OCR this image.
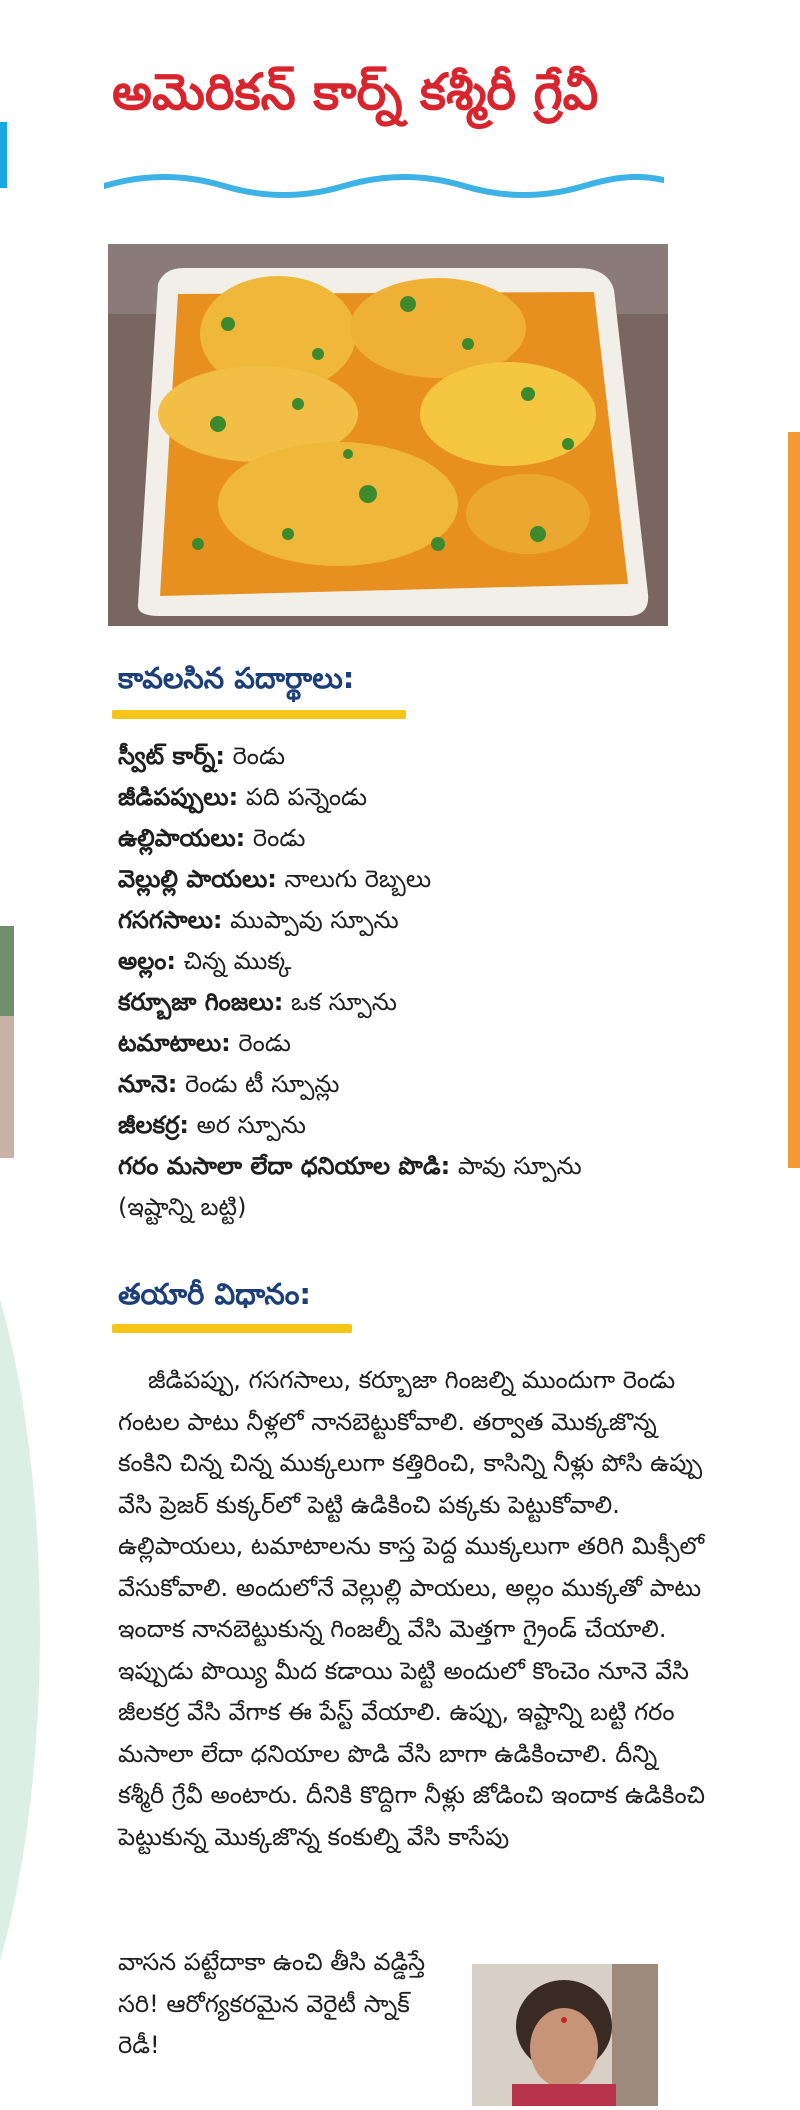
అమెరికన్ కార్న్ కశ్మీరీ గ్రేవీ
కావలసిన పదార్థాలు:
స్వీట్ కార్న్: రెండు
జీడిపప్పులు: పది పన్నెండు
ఉల్లిపాయలు: రెండు
వెల్లుల్లి పాయలు: నాలుగు రెబ్బలు
గసగసాలు: ముప్పావు స్పూను
అల్లం: చిన్న ముక్క
కర్బూజా గింజలు: ఒక స్పూను
టమాటాలు: రెండు
నూనె: రెండు టీ స్పూన్లు
జీలకర్ర: అర స్పూను
గరం మసాలా లేదా ధనియాల పొడి: పావు స్పూను
(ఇష్టాన్ని బట్టి)
తయారీ విధానం:

జీడిపప్పు, గసగసాలు, కర్బూజా గింజల్ని ముందుగా రెండు గంటల పాటు నీళ్లలో నానబెట్టుకోవాలి. తర్వాత మొక్కజొన్న కంకిని చిన్న చిన్న ముక్కలుగా కత్తిరించి, కాసిన్ని నీళ్లు పోసి ఉప్పు వేసి ప్రెజర్ కుక్కర్‌లో పెట్టి ఉడికించి పక్కకు పెట్టుకోవాలి. ఉల్లిపాయలు, టమాటాలను కాస్త పెద్ద ముక్కలుగా తరిగి మిక్సీలో వేసుకోవాలి. అందులోనే వెల్లుల్లి పాయలు, అల్లం ముక్కతో పాటు ఇందాక నానబెట్టుకున్న గింజల్నీ వేసి మెత్తగా గ్రైండ్ చేయాలి. ఇప్పుడు పొయ్యి మీద కడాయి పెట్టి అందులో కొంచెం నూనె వేసి జీలకర్ర వేసి వేగాక ఈ పేస్ట్ వేయాలి. ఉప్పు, ఇష్టాన్ని బట్టి గరం మసాలా లేదా ధనియాల పొడి వేసి బాగా ఉడికించాలి. దీన్ని కశ్మీరీ గ్రేవీ అంటారు. దీనికి కొద్దిగా నీళ్లు జోడించి ఇందాక ఉడికించి పెట్టుకున్న మొక్కజొన్న కంకుల్ని వేసి కాసేపు

వాసన పట్టేదాకా ఉంచి తీసి వడ్డిస్తే సరి! ఆరోగ్యకరమైన వెరైటీ స్నాక్ రెడీ!
